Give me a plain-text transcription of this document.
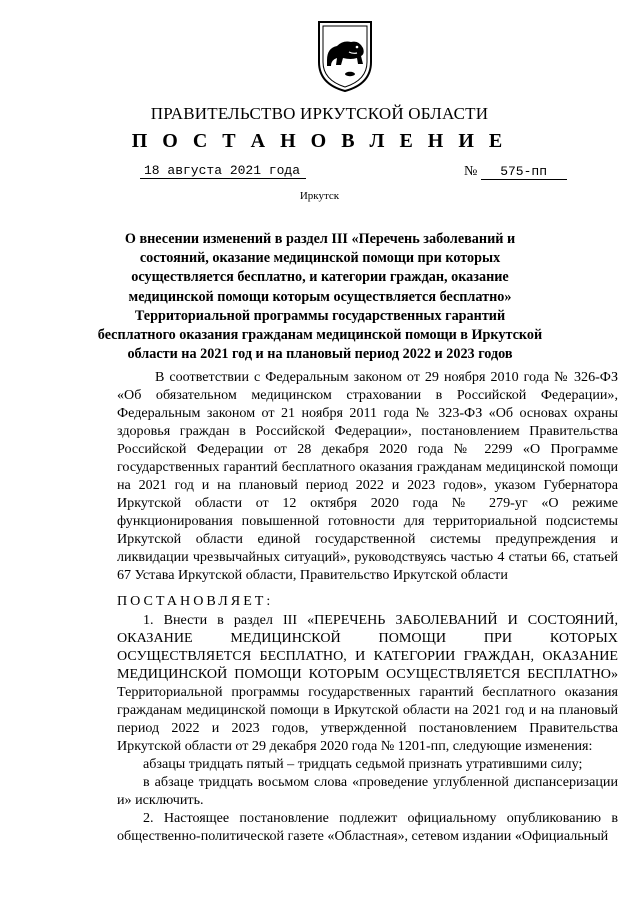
ПРАВИТЕЛЬСТВО ИРКУТСКОЙ ОБЛАСТИ
П О С Т А Н О В Л Е Н И Е
18 августа 2021 года	№ 575-пп
Иркутск
О внесении изменений в раздел III «Перечень заболеваний и состояний, оказание медицинской помощи при которых осуществляется бесплатно, и категории граждан, оказание медицинской помощи которым осуществляется бесплатно» Территориальной программы государственных гарантий бесплатного оказания гражданам медицинской помощи в Иркутской области на 2021 год и на плановый период 2022 и 2023 годов
В соответствии с Федеральным законом от 29 ноября 2010 года № 326-ФЗ «Об обязательном медицинском страховании в Российской Федерации», Федеральным законом от 21 ноября 2011 года № 323-ФЗ «Об основах охраны здоровья граждан в Российской Федерации», постановлением Правительства Российской Федерации от 28 декабря 2020 года № 2299 «О Программе государственных гарантий бесплатного оказания гражданам медицинской помощи на 2021 год и на плановый период 2022 и 2023 годов», указом Губернатора Иркутской области от 12 октября 2020 года № 279-уг «О режиме функционирования повышенной готовности для территориальной подсистемы Иркутской области единой государственной системы предупреждения и ликвидации чрезвычайных ситуаций», руководствуясь частью 4 статьи 66, статьей 67 Устава Иркутской области, Правительство Иркутской области
ПОСТАНОВЛЯЕТ:

1. Внести в раздел III «ПЕРЕЧЕНЬ ЗАБОЛЕВАНИЙ И СОСТОЯНИЙ, ОКАЗАНИЕ МЕДИЦИНСКОЙ ПОМОЩИ ПРИ КОТОРЫХ ОСУЩЕСТВЛЯЕТСЯ БЕСПЛАТНО, И КАТЕГОРИИ ГРАЖДАН, ОКАЗАНИЕ МЕДИЦИНСКОЙ ПОМОЩИ КОТОРЫМ ОСУЩЕСТВЛЯЕТСЯ БЕСПЛАТНО» Территориальной программы государственных гарантий бесплатного оказания гражданам медицинской помощи в Иркутской области на 2021 год и на плановый период 2022 и 2023 годов, утвержденной постановлением Правительства Иркутской области от 29 декабря 2020 года № 1201-пп, следующие изменения:

абзацы тридцать пятый – тридцать седьмой признать утратившими силу;

в абзаце тридцать восьмом слова «проведение углубленной диспансеризации и» исключить.

2. Настоящее постановление подлежит официальному опубликованию в общественно-политической газете «Областная», сетевом издании «Официальный
